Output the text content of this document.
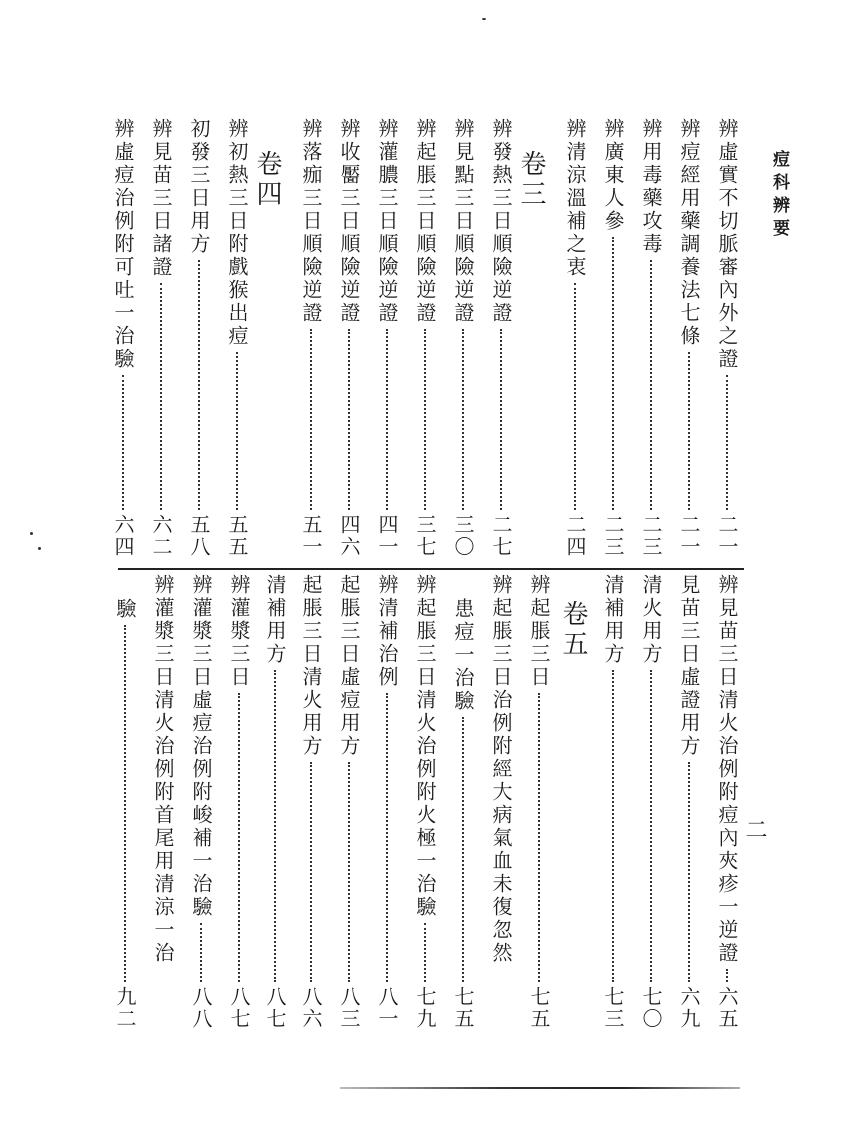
痘科辨要
二
辨虛實不切脈審內外之證
二一
辨痘經用藥調養法七條
二一
辨用毒藥攻毒
二三
辨廣東人參
二三
辨清涼溫補之衷
二四
卷三
辨發熱三日順險逆證
二七
辨見點三日順險逆證
三〇
辨起脹三日順險逆證
三七
辨灌膿三日順險逆證
四一
辨收靨三日順險逆證
四六
辨落痂三日順險逆證
五一
卷四
辨初熱三日附戲猴出痘
五五
初發三日用方
五八
辨見苗三日諸證
六二
辨虛痘治例附可吐一治驗
六四
辨見苗三日清火治例附痘內夾疹一逆證
六五
見苗三日虛證用方
六九
清火用方
七〇
清補用方
七三
卷五
辨起脹三日
七五
辨起脹三日治例附經大病氣血未復忽然
患痘一治驗
七五
辨起脹三日清火治例附火極一治驗
七九
辨清補治例
八一
起脹三日虛痘用方
八三
起脹三日清火用方
八六
清補用方
八七
辨灌漿三日
八七
辨灌漿三日虛痘治例附峻補一治驗
八八
辨灌漿三日清火治例附首尾用清涼一治
驗
九二
